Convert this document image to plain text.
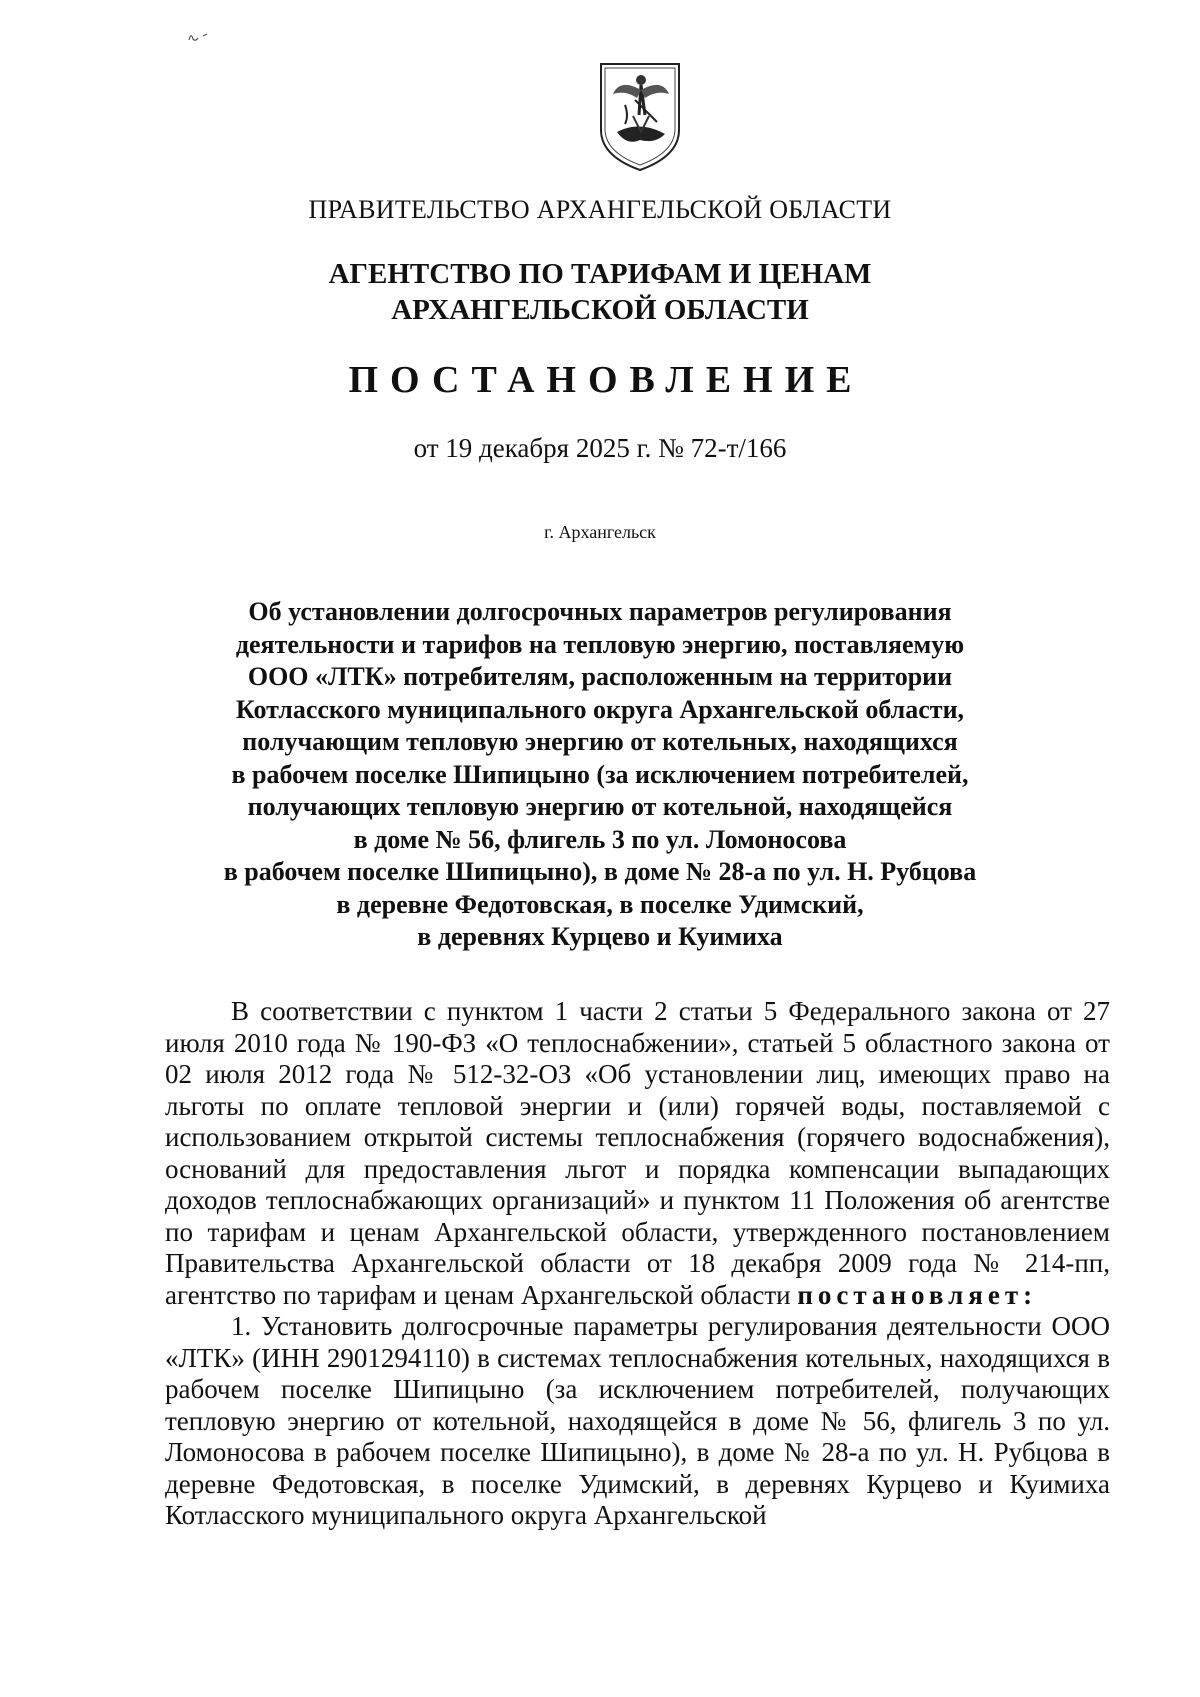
ПРАВИТЕЛЬСТВО АРХАНГЕЛЬСКОЙ ОБЛАСТИ

АГЕНТСТВО ПО ТАРИФАМ И ЦЕНАМ
АРХАНГЕЛЬСКОЙ ОБЛАСТИ

ПОСТАНОВЛЕНИЕ

от 19 декабря 2025 г. № 72-т/166

г. Архангельск

Об установлении долгосрочных параметров регулирования
деятельности и тарифов на тепловую энергию, поставляемую
ООО «ЛТК» потребителям, расположенным на территории
Котласского муниципального округа Архангельской области,
получающим тепловую энергию от котельных, находящихся
в рабочем поселке Шипицыно (за исключением потребителей,
получающих тепловую энергию от котельной, находящейся
в доме № 56, флигель 3 по ул. Ломоносова
в рабочем поселке Шипицыно), в доме № 28-а по ул. Н. Рубцова
в деревне Федотовская, в поселке Удимский,
в деревнях Курцево и Куимиха

В соответствии с пунктом 1 части 2 статьи 5 Федерального закона от 27 июля 2010 года № 190-ФЗ «О теплоснабжении», статьей 5 областного закона от 02 июля 2012 года № 512-32-ОЗ «Об установлении лиц, имеющих право на льготы по оплате тепловой энергии и (или) горячей воды, поставляемой с использованием открытой системы теплоснабжения (горячего водоснабжения), оснований для предоставления льгот и порядка компенсации выпадающих доходов теплоснабжающих организаций» и пунктом 11 Положения об агентстве по тарифам и ценам Архангельской области, утвержденного постановлением Правительства Архангельской области от 18 декабря 2009 года № 214-пп, агентство по тарифам и ценам Архангельской области постановляет:

1. Установить долгосрочные параметры регулирования деятельности ООО «ЛТК» (ИНН 2901294110) в системах теплоснабжения котельных, находящихся в рабочем поселке Шипицыно (за исключением потребителей, получающих тепловую энергию от котельной, находящейся в доме № 56, флигель 3 по ул. Ломоносова в рабочем поселке Шипицыно), в доме № 28-а по ул. Н. Рубцова в деревне Федотовская, в поселке Удимский, в деревнях Курцево и Куимиха Котласского муниципального округа Архангельской
